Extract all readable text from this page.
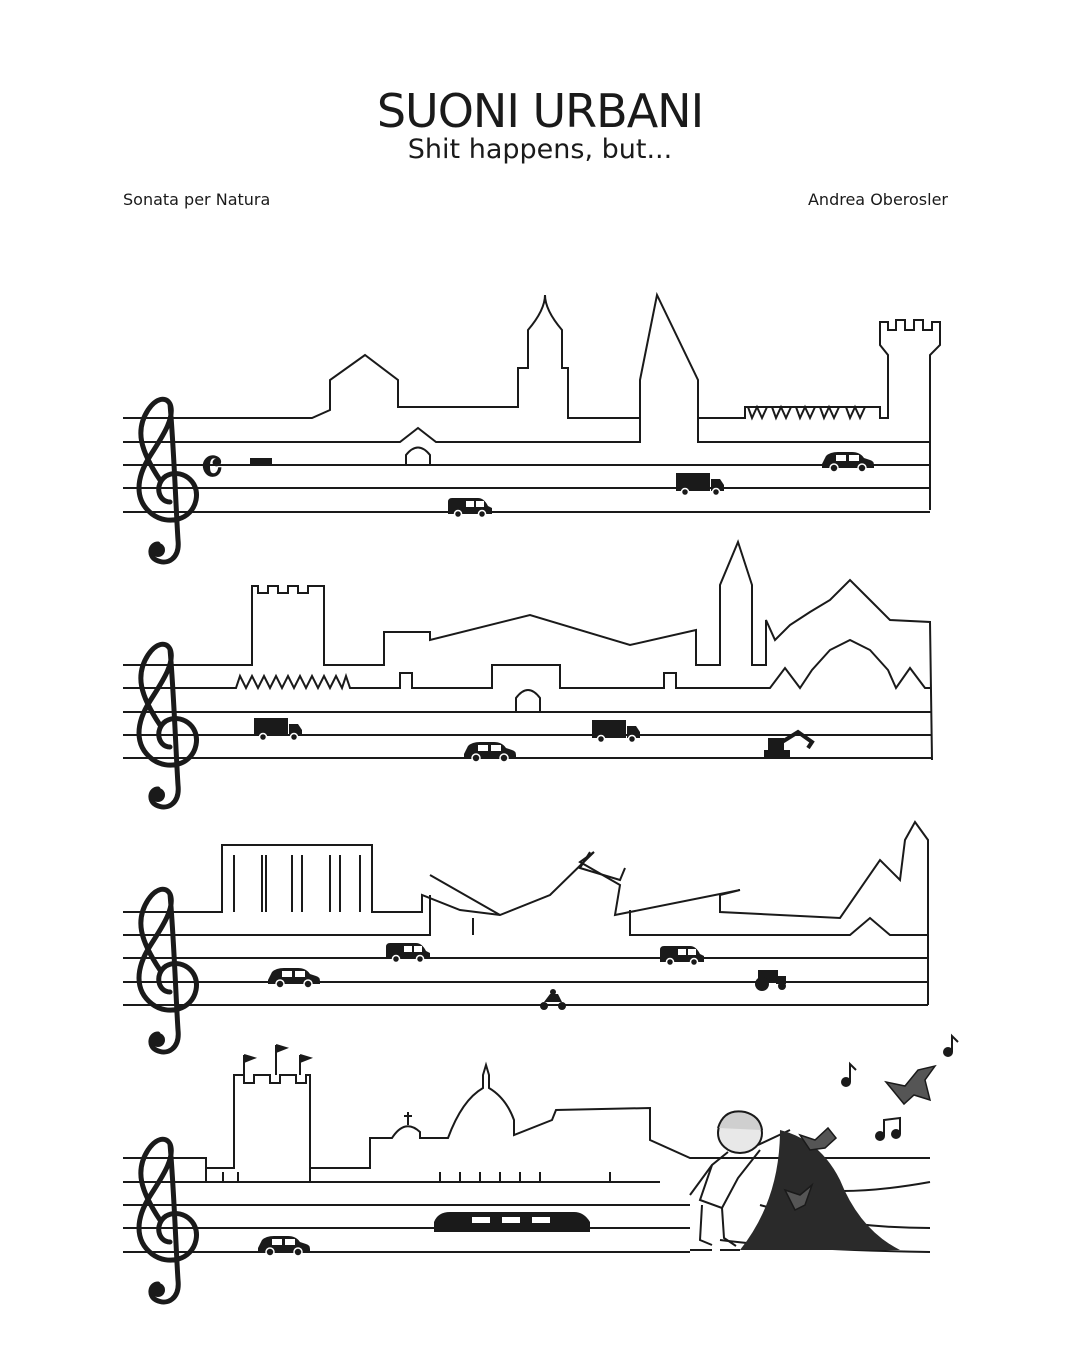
SUONI URBANI
Shit happens, but...
Sonata per Natura	Andrea Oberosler
𝄴
